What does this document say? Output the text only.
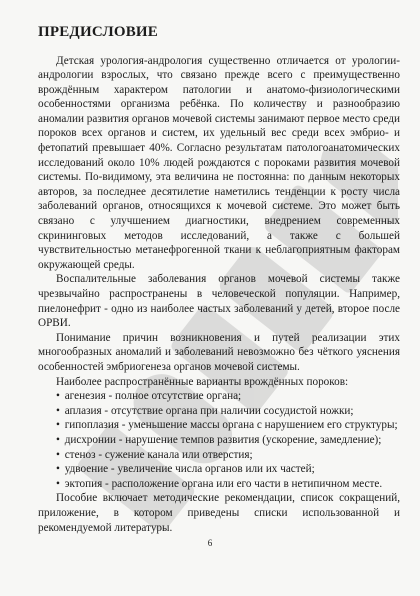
ПРЕДИСЛОВИЕ

Детская урология-андрология существенно отличается от урологии-андрологии взрослых, что связано прежде всего с преимущественно врождённым характером патологии и анатомо-физиологическими особенностями организма ребёнка. По количеству и разнообразию аномалии развития органов мочевой системы занимают первое место среди пороков всех органов и систем, их удельный вес среди всех эмбрио- и фетопатий превышает 40%. Согласно результатам патологоанатомических исследований около 10% людей рождаются с пороками развития мочевой системы. По-видимому, эта величина не постоянна: по данным некоторых авторов, за последнее десятилетие наметились тенденции к росту числа заболеваний органов, относящихся к мочевой системе. Это может быть связано с улучшением диагностики, внедрением современных скрининговых методов исследований, а также с большей чувствительностью метанефрогенной ткани к неблагоприятным факторам окружающей среды.

Воспалительные заболевания органов мочевой системы также чрезвычайно распространены в человеческой популяции. Например, пиелонефрит - одно из наиболее частых заболеваний у детей, второе после ОРВИ.

Понимание причин возникновения и путей реализации этих многообразных аномалий и заболеваний невозможно без чёткого уяснения особенностей эмбриогенеза органов мочевой системы.

Наиболее распространённые варианты врождённых пороков:

• агенезия - полное отсутствие органа;
• аплазия - отсутствие органа при наличии сосудистой ножки;
• гипоплазия - уменьшение массы органа с нарушением его структуры;
• дисхронии - нарушение темпов развития (ускорение, замедление);
• стеноз - сужение канала или отверстия;
• удвоение - увеличение числа органов или их частей;
• эктопия - расположение органа или его части в нетипичном месте.

Пособие включает методические рекомендации, список сокращений, приложение, в котором приведены списки использованной и рекомендуемой литературы.

6
